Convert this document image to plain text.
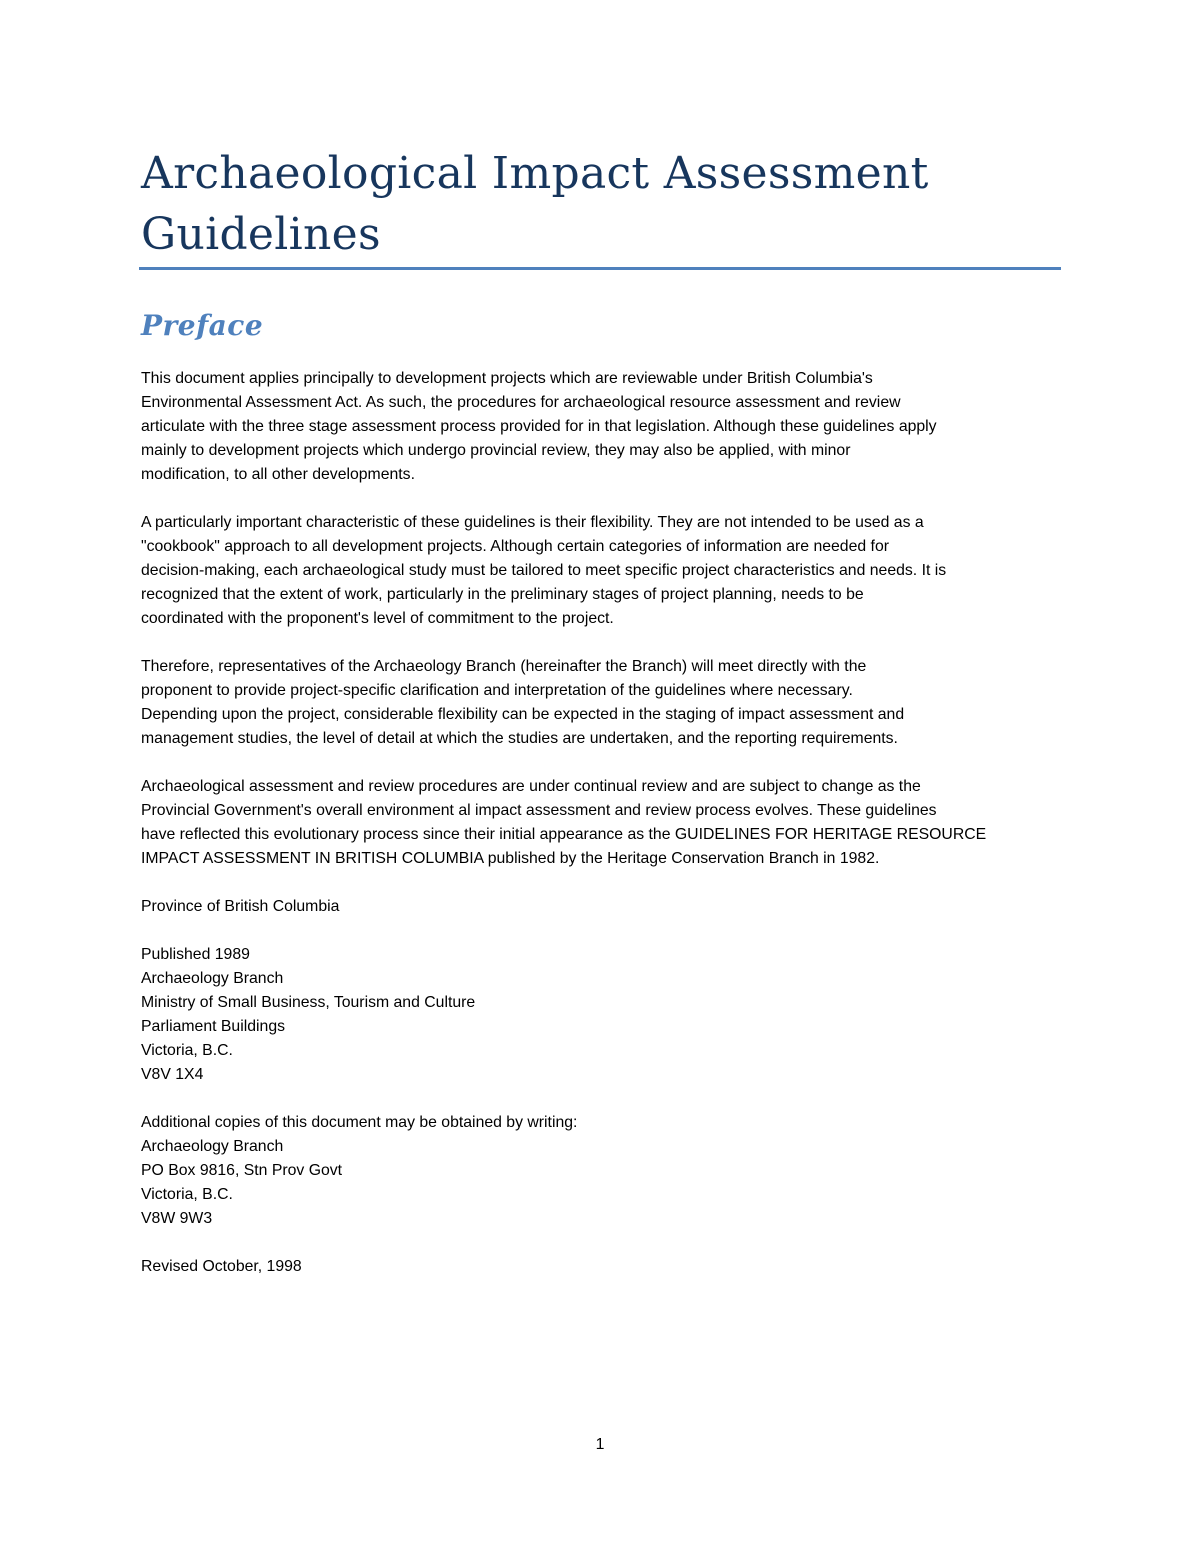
Archaeological Impact Assessment
Guidelines
Preface

This document applies principally to development projects which are reviewable under British Columbia's
Environmental Assessment Act. As such, the procedures for archaeological resource assessment and review
articulate with the three stage assessment process provided for in that legislation. Although these guidelines apply
mainly to development projects which undergo provincial review, they may also be applied, with minor
modification, to all other developments.

A particularly important characteristic of these guidelines is their flexibility. They are not intended to be used as a
"cookbook" approach to all development projects. Although certain categories of information are needed for
decision-making, each archaeological study must be tailored to meet specific project characteristics and needs. It is
recognized that the extent of work, particularly in the preliminary stages of project planning, needs to be
coordinated with the proponent's level of commitment to the project.

Therefore, representatives of the Archaeology Branch (hereinafter the Branch) will meet directly with the
proponent to provide project-specific clarification and interpretation of the guidelines where necessary.
Depending upon the project, considerable flexibility can be expected in the staging of impact assessment and
management studies, the level of detail at which the studies are undertaken, and the reporting requirements.

Archaeological assessment and review procedures are under continual review and are subject to change as the
Provincial Government's overall environment al impact assessment and review process evolves. These guidelines
have reflected this evolutionary process since their initial appearance as the GUIDELINES FOR HERITAGE RESOURCE
IMPACT ASSESSMENT IN BRITISH COLUMBIA published by the Heritage Conservation Branch in 1982.

Province of British Columbia

Published 1989
Archaeology Branch
Ministry of Small Business, Tourism and Culture
Parliament Buildings
Victoria, B.C.
V8V 1X4

Additional copies of this document may be obtained by writing:
Archaeology Branch
PO Box 9816, Stn Prov Govt
Victoria, B.C.
V8W 9W3

Revised October, 1998

1
